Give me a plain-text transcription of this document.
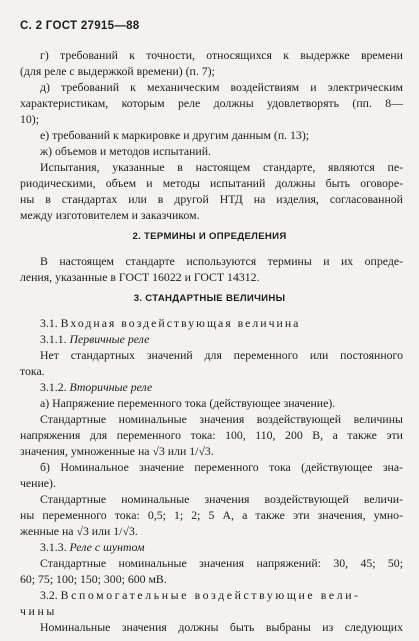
С. 2 ГОСТ 27915—88
г) требований к точности, относящихся к выдержке времени
(для реле с выдержкой времени) (п. 7);
д) требований к механическим воздействиям и электрическим
характеристикам, которым реле должны удовлетворять (пп. 8—
10);
е) требований к маркировке и другим данным (п. 13);
ж) объемов и методов испытаний.
Испытания, указанные в настоящем стандарте, являются пе-
риодическими, объем и методы испытаний должны быть оговоре-
ны в стандартах или в другой НТД на изделия, согласованной
между изготовителем и заказчиком.
2. ТЕРМИНЫ И ОПРЕДЕЛЕНИЯ
В настоящем стандарте используются термины и их опреде-
ления, указанные в ГОСТ 16022 и ГОСТ 14312.
3. СТАНДАРТНЫЕ ВЕЛИЧИНЫ
3.1. Входная воздействующая величина
3.1.1. Первичные реле
Нет стандартных значений для переменного или постоянного
тока.
3.1.2. Вторичные реле
а) Напряжение переменного тока (действующее значение).
Стандартные номинальные значения воздействующей величины
напряжения для переменного тока: 100, 110, 200 В, а также эти
значения, умноженные на √3 или 1/√3.
б) Номинальное значение переменного тока (действующее зна-
чение).
Стандартные номинальные значения воздействующей величи-
ны переменного тока: 0,5; 1; 2; 5 А, а также эти значения, умно-
женные на √3 или 1/√3.
3.1.3. Реле с шунтом
Стандартные номинальные значения напряжений: 30, 45; 50;
60; 75; 100; 150; 300; 600 мВ.
3.2. Вспомогательные воздействующие вели-
чины
Номинальные значения должны быть выбраны из следующих
